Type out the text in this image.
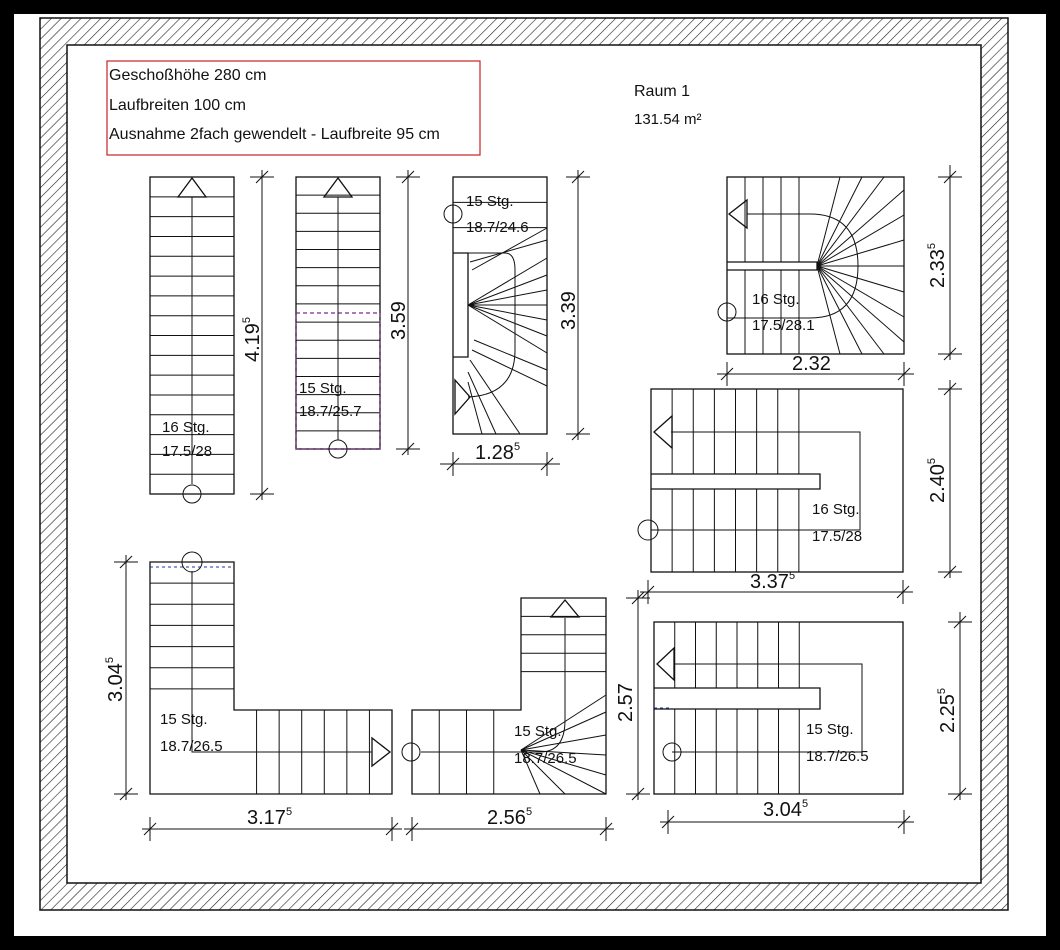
Geschoßhöhe 280 cm
Laufbreiten 100 cm
Ausnahme 2fach gewendelt - Laufbreite 95 cm
Raum 1
131.54 m²
16 Stg.
17.5/28
15 Stg.
18.7/25.7
15 Stg.
18.7/24.6
16 Stg.
17.5/28.1
16 Stg.
17.5/28
15 Stg.
18.7/26.5
15 Stg.
18.7/26.5
15 Stg.
18.7/26.5
4.19$^5$	3.59	3.39
1.28$^5$
2.33$^5$
2.32
2.40$^5$
3.37$^5$
3.04$^5$
3.17$^5$
2.57
2.56$^5$
2.25$^5$
3.04$^5$
